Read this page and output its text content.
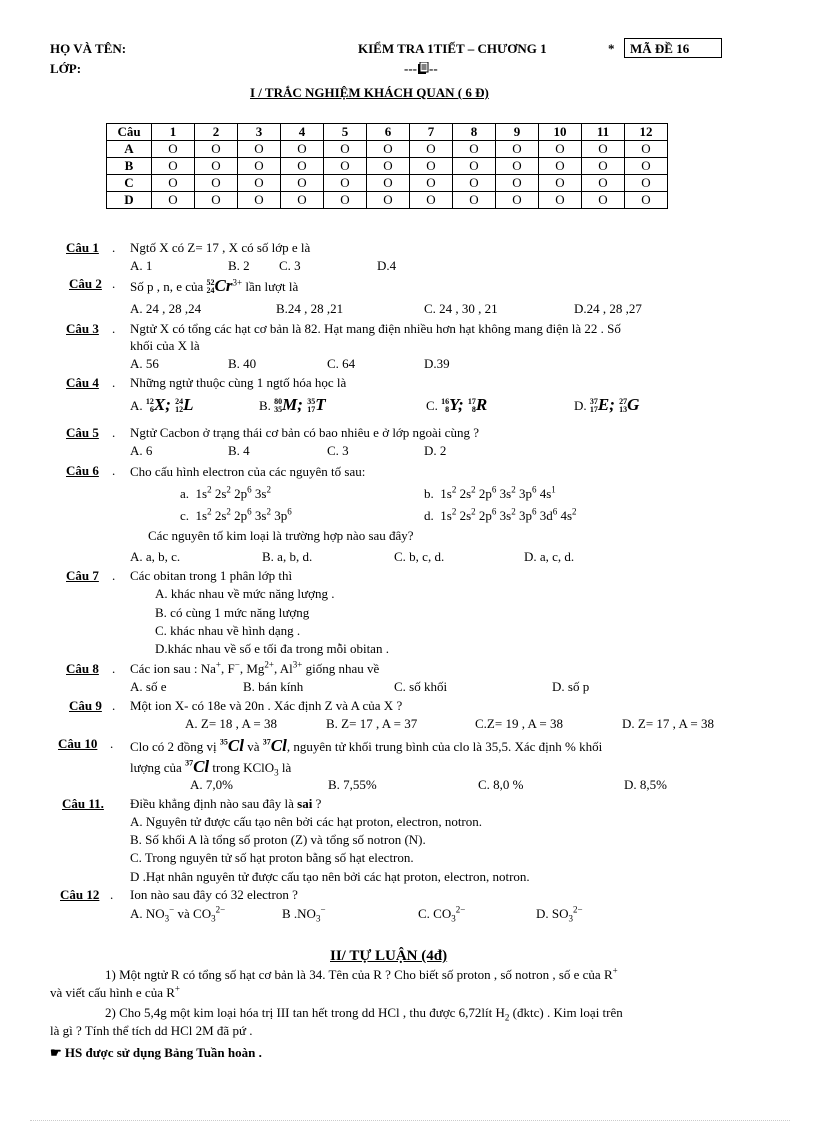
HỌ VÀ TÊN:
LỚP:
KIỂM TRA 1TIẾT – CHƯƠNG 1	*	MÃ ĐỀ 16
--- --
I / TRẮC NGHIỆM KHÁCH QUAN ( 6 Đ)
Câu	1	2	3	4	5	6	7	8	9	10	11	12
A	O	O	O	O	O	O	O	O	O	O	O	O
B	O	O	O	O	O	O	O	O	O	O	O	O
C	O	O	O	O	O	O	O	O	O	O	O	O
D	O	O	O	O	O	O	O	O	O	O	O	O
Câu 1 . Ngtố X có Z= 17 , X có số lớp e là
A. 1	B. 2 C. 3	D.4
Câu 2 . Số p , n, e của 52
$24Cr^{3+}$ lần lượt là
A. 24 , 28 ,24	B.24 , 28 ,21	C. 24 , 30 , 21	D.24 , 28 ,27
Câu 3 . Ngtử X có tổng các hạt cơ bản là 82. Hạt mang điện nhiều hơn hạt không mang điện là 22 . Số
khối của X là
A. 56	B. 40	C. 64	D.39
Câu 4 . Những ngtử thuộc cùng 1 ngtố hóa học là
A. 12
6X; 24
12L	B. 80
35M; 35
17T	C. 16
8Y; 17
8R	D. 37
17E; 27
13G
Câu 5 . Ngtử Cacbon ở trạng thái cơ bản có bao nhiêu e ở lớp ngoài cùng ?
A. 6	B. 4	C. 3	D. 2
Câu 6 . Cho cấu hình electron của các nguyên tố sau:
a.  $1s^2$ $2s^2$ $2p^6$ $3s^2$	b.  $1s^2$ $2s^2$ $2p^6$ $3s^2$ $3p^6$ $4s^1$
c.  $1s^2$ $2s^2$ $2p^6$ $3s^2$ $3p^6$	d.  $1s^2$ $2s^2$ $2p^6$ $3s^2$ $3p^6$ $3d^6$ $4s^2$
Các nguyên tố kim loại là trường hợp nào sau đây?
A. a, b, c.	B. a, b, d.	C. b, c, d.	D. a, c, d.
Câu 7 . Các obitan trong 1 phân lớp thì
A. khác nhau về mức năng lượng .
B. có cùng 1 mức năng lượng
C. khác nhau về hình dạng .
D.khác nhau về số e tối đa trong mỗi obitan .
Câu 8 . Các ion sau : Na+, F−, $Mg^{2+}$, $Al^{3+}$ giống nhau về
A. số e	B. bán kính	C. số khối	D. số p
Câu 9 . Một ion X- có 18e và 20n . Xác định Z và A của X ?
A. Z= 18 , A = 38	B. Z= 17 , A = 37	C.Z= 19 , A = 38	D. Z= 17 , A = 38
Câu 10 . Clo có 2 đồng vị $^{35}$Cl và $^{37}$Cl, nguyên tử khối trung bình của clo là 35,5. Xác định % khối
lượng của $^{37}$Cl trong KClO$_3$ là
A. 7,0%	B. 7,55%	C. 8,0 %	D. 8,5%
Câu 11. Điều khẳng định nào sau đây là sai ?
A. Nguyên tử được cấu tạo nên bởi các hạt proton, electron, notron.
B. Số khối A là tổng số proton (Z) và tổng số notron (N).
C. Trong nguyên tử số hạt proton bằng số hạt electron.
D .Hạt nhân nguyên tử được cấu tạo nên bởi các hạt proton, electron, notron.
Câu 12 . Ion nào sau đây có 32 electron ?
A. $NO_3^-$ và $CO_3^{2-}$	B $.NO_3^-$	C. $CO_3^{2-}$	D. $SO_3^{2-}$
II/ TỰ LUẬN (4đ)
1) Một ngtử R có tổng số hạt cơ bản là 34. Tên của R ? Cho biết số proton , số notron , số e của R+
và viết cấu hình e của R+
2) Cho 5,4g một kim loại hóa trị III tan hết trong dd HCl , thu được 6,72lít $H_2$ (đktc) . Kim loại trên
là gì ? Tính thể tích dd HCl 2M đã pứ .
☛ HS được sử dụng Bảng Tuần hoàn .
